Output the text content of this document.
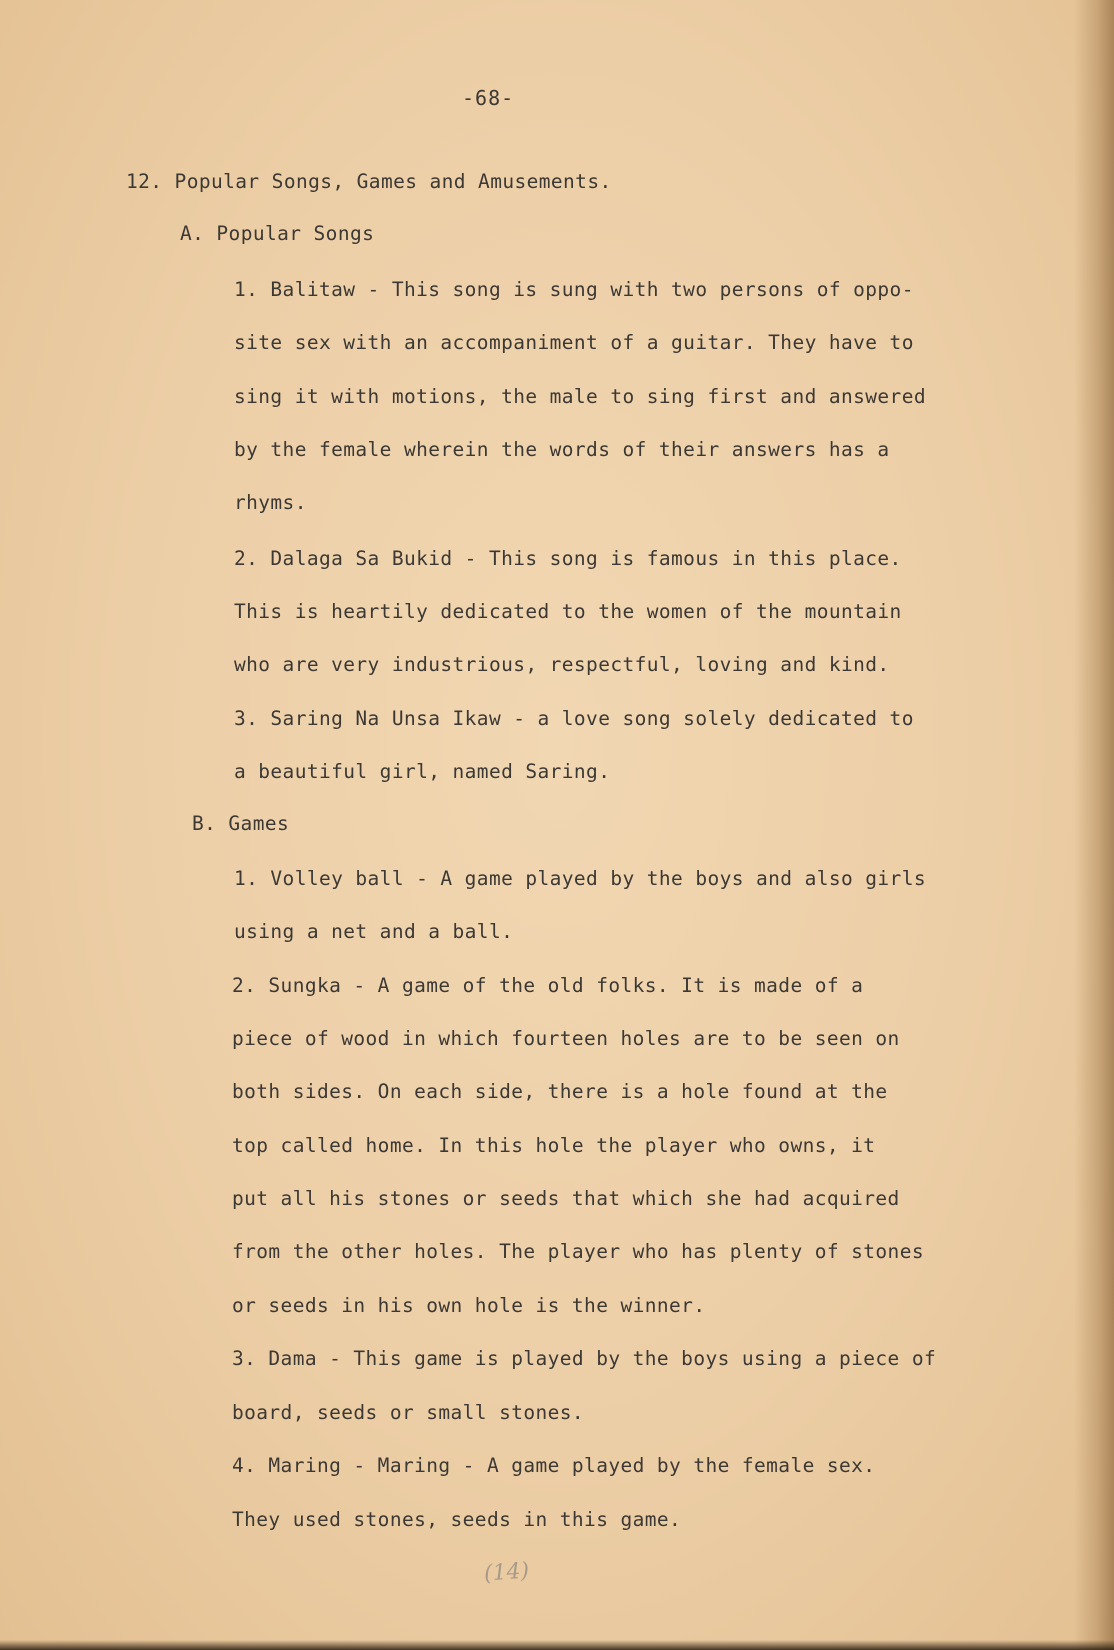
-68-
12. Popular Songs, Games and Amusements.
A. Popular Songs
1. Balitaw - This song is sung with two persons of oppo-
site sex with an accompaniment of a guitar. They have to
sing it with motions, the male to sing first and answered
by the female wherein the words of their answers has a
rhyms.
2. Dalaga Sa Bukid - This song is famous in this place.
This is heartily dedicated to the women of the mountain
who are very industrious, respectful, loving and kind.
3. Saring Na Unsa Ikaw - a love song solely dedicated to
a beautiful girl, named Saring.
B. Games
1. Volley ball - A game played by the boys and also girls
using a net and a ball.
2. Sungka - A game of the old folks. It is made of a
piece of wood in which fourteen holes are to be seen on
both sides. On each side, there is a hole found at the
top called home. In this hole the player who owns, it
put all his stones or seeds that which she had acquired
from the other holes. The player who has plenty of stones
or seeds in his own hole is the winner.
3. Dama - This game is played by the boys using a piece of
board, seeds or small stones.
4. Maring - Maring - A game played by the female sex.
They used stones, seeds in this game.
(14)
